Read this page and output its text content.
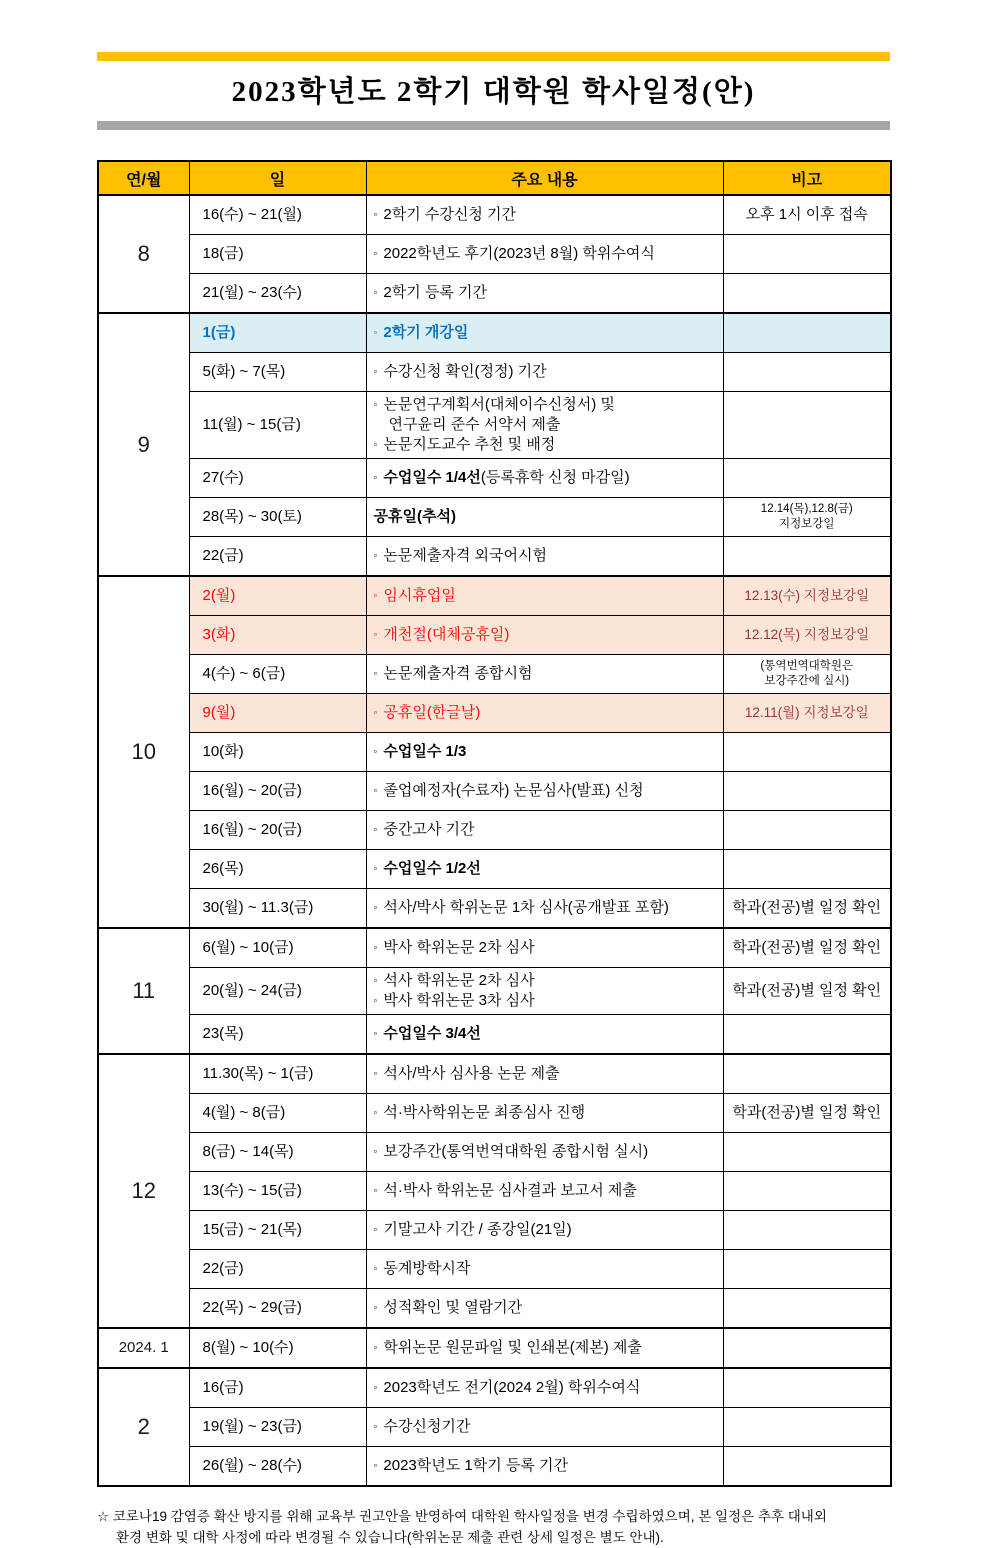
2023학년도 2학기 대학원 학사일정(안)
연/월	일	주요 내용	비고
8	16(수) ~ 21(월)	◦ 2학기 수강신청 기간	오후 1시 이후 접속
	18(금)	◦ 2022학년도 후기(2023년 8월) 학위수여식	

	21(월) ~ 23(수)	◦ 2학기 등록 기간	

9	1(금)	◦ 2학기 개강일	

	5(화) ~ 7(목)	◦ 수강신청 확인(정정) 기간	

	11(월) ~ 15(금)	◦ 논문연구계획서(대체이수신청서) 및
연구윤리 준수 서약서 제출
◦ 논문지도교수 추천 및 배정	

	27(수)	◦ 수업일수 1/4선(등록휴학 신청 마감일)	

	28(목) ~ 30(토)	공휴일(추석)	12.14(목),12.8(금)
지정보강일
	22(금)	◦ 논문제출자격 외국어시험	

10	2(월)	◦ 임시휴업일	12.13(수) 지정보강일
	3(화)	◦ 개천절(대체공휴일)	12.12(목) 지정보강일
	4(수) ~ 6(금)	◦ 논문제출자격 종합시험	(통역번역대학원은
보강주간에 실시)
	9(월)	◦ 공휴일(한글날)	12.11(월) 지정보강일
	10(화)	◦ 수업일수 1/3	

	16(월) ~ 20(금)	◦ 졸업예정자(수료자) 논문심사(발표) 신청	

	16(월) ~ 20(금)	◦ 중간고사 기간	

	26(목)	◦ 수업일수 1/2선	

	30(월) ~ 11.3(금)	◦ 석사/박사 학위논문 1차 심사(공개발표 포함)	학과(전공)별 일정 확인
11	6(월) ~ 10(금)	◦ 박사 학위논문 2차 심사	학과(전공)별 일정 확인
	20(월) ~ 24(금)	◦ 석사 학위논문 2차 심사
◦ 박사 학위논문 3차 심사	학과(전공)별 일정 확인
	23(목)	◦ 수업일수 3/4선	

12	11.30(목) ~ 1(금)	◦ 석사/박사 심사용 논문 제출	

	4(월) ~ 8(금)	◦ 석·박사학위논문 최종심사 진행	학과(전공)별 일정 확인
	8(금) ~ 14(목)	◦ 보강주간(통역번역대학원 종합시험 실시)	

	13(수) ~ 15(금)	◦ 석·박사 학위논문 심사결과 보고서 제출	

	15(금) ~ 21(목)	◦ 기말고사 기간 / 종강일(21일)	

	22(금)	◦ 동계방학시작	

	22(목) ~ 29(금)	◦ 성적확인 및 열람기간	

2024. 1	8(월) ~ 10(수)	◦ 학위논문 원문파일 및 인쇄본(제본) 제출	

2	16(금)	◦ 2023학년도 전기(2024 2월) 학위수여식	

	19(월) ~ 23(금)	◦ 수강신청기간	

	26(월) ~ 28(수)	◦ 2023학년도 1학기 등록 기간	

☆ 코로나19 감염증 확산 방지를 위해 교육부 권고안을 반영하여 대학원 학사일정을 변경 수립하였으며, 본 일정은 추후 대내외
환경 변화 및 대학 사정에 따라 변경될 수 있습니다(학위논문 제출 관련 상세 일정은 별도 안내).
